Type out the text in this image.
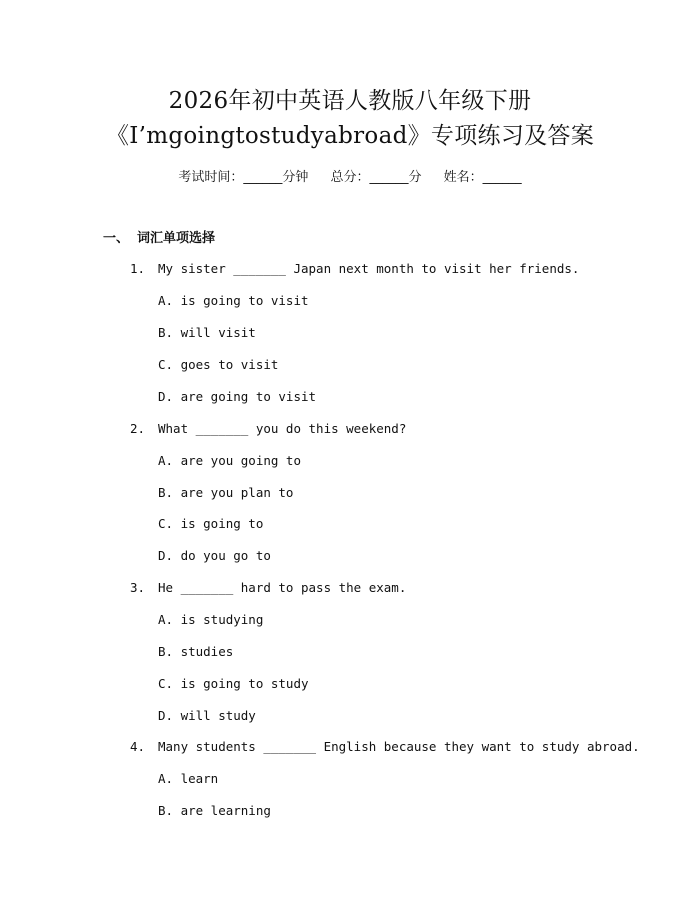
2026年初中英语人教版八年级下册
《I’mgoingtostudyabroad》专项练习及答案
考试时间：______分钟 总分：______分 姓名：______
一、 词汇单项选择
1. My sister _______ Japan next month to visit her friends.
A. is going to visit
B. will visit
C. goes to visit
D. are going to visit
2. What _______ you do this weekend?
A. are you going to
B. are you plan to
C. is going to
D. do you go to
3. He _______ hard to pass the exam.
A. is studying
B. studies
C. is going to study
D. will study
4. Many students _______ English because they want to study abroad.
A. learn
B. are learning
